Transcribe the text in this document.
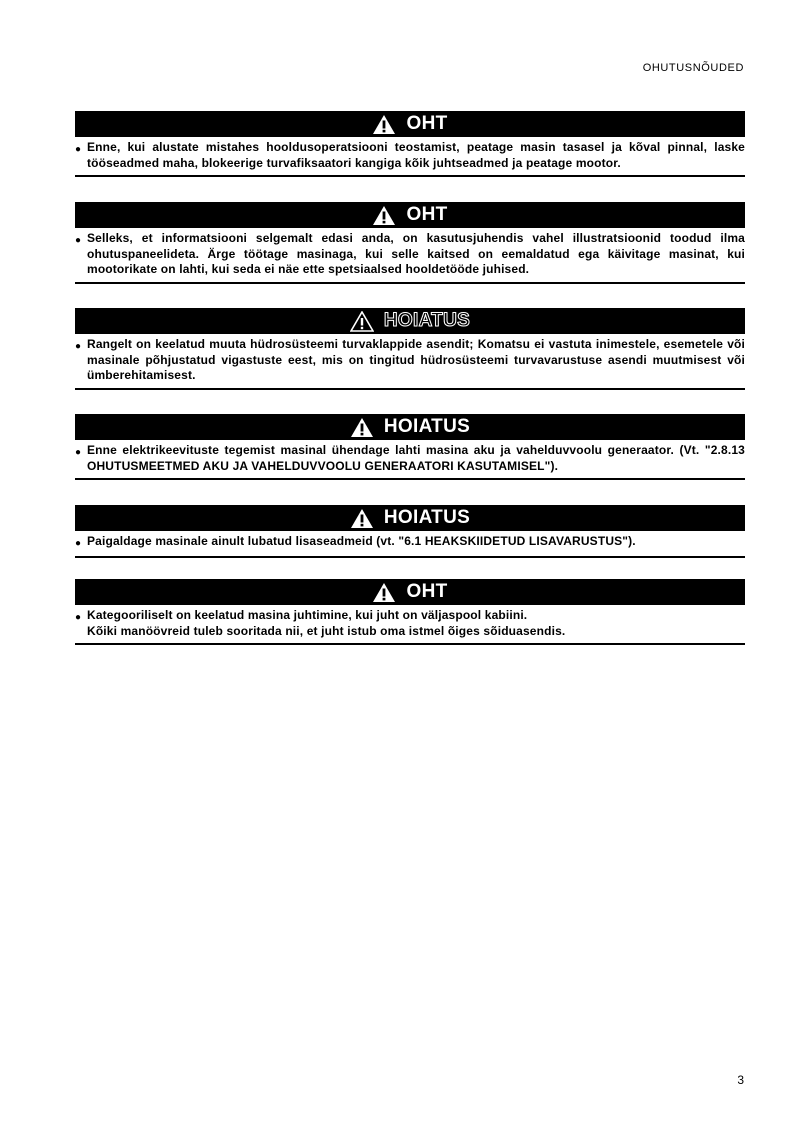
OHUTUSNÕUDED
OHT
● Enne, kui alustate mistahes hooldusoperatsiooni teostamist, peatage masin tasasel ja kõval pinnal, laske tööseadmed maha, blokeerige turvafiksaatori kangiga kõik juhtseadmed ja peatage mootor.
OHT
● Selleks, et informatsiooni selgemalt edasi anda, on kasutusjuhendis vahel illustratsioonid toodud ilma ohutuspaneelideta. Ärge töötage masinaga, kui selle kaitsed on eemaldatud ega käivitage masinat, kui mootorikate on lahti, kui seda ei näe ette spetsiaalsed hooldetööde juhised.
HOIATUS
● Rangelt on keelatud muuta hüdrosüsteemi turvaklappide asendit; Komatsu ei vastuta inimestele, esemetele või masinale põhjustatud vigastuste eest, mis on tingitud hüdrosüsteemi turvavarustuse asendi muutmisest või ümberehitamisest.
HOIATUS
● Enne elektrikeevituste tegemist masinal ühendage lahti masina aku ja vahelduvvoolu generaator. (Vt. "2.8.13 OHUTUSMEETMED AKU JA VAHELDUVVOOLU GENERAATORI KASUTAMISEL").
HOIATUS
● Paigaldage masinale ainult lubatud lisaseadmeid (vt. "6.1 HEAKSKIIDETUD LISAVARUSTUS").
OHT
● Kategooriliselt on keelatud masina juhtimine, kui juht on väljaspool kabiini.
Kõiki manöövreid tuleb sooritada nii, et juht istub oma istmel õiges sõiduasendis.
3
